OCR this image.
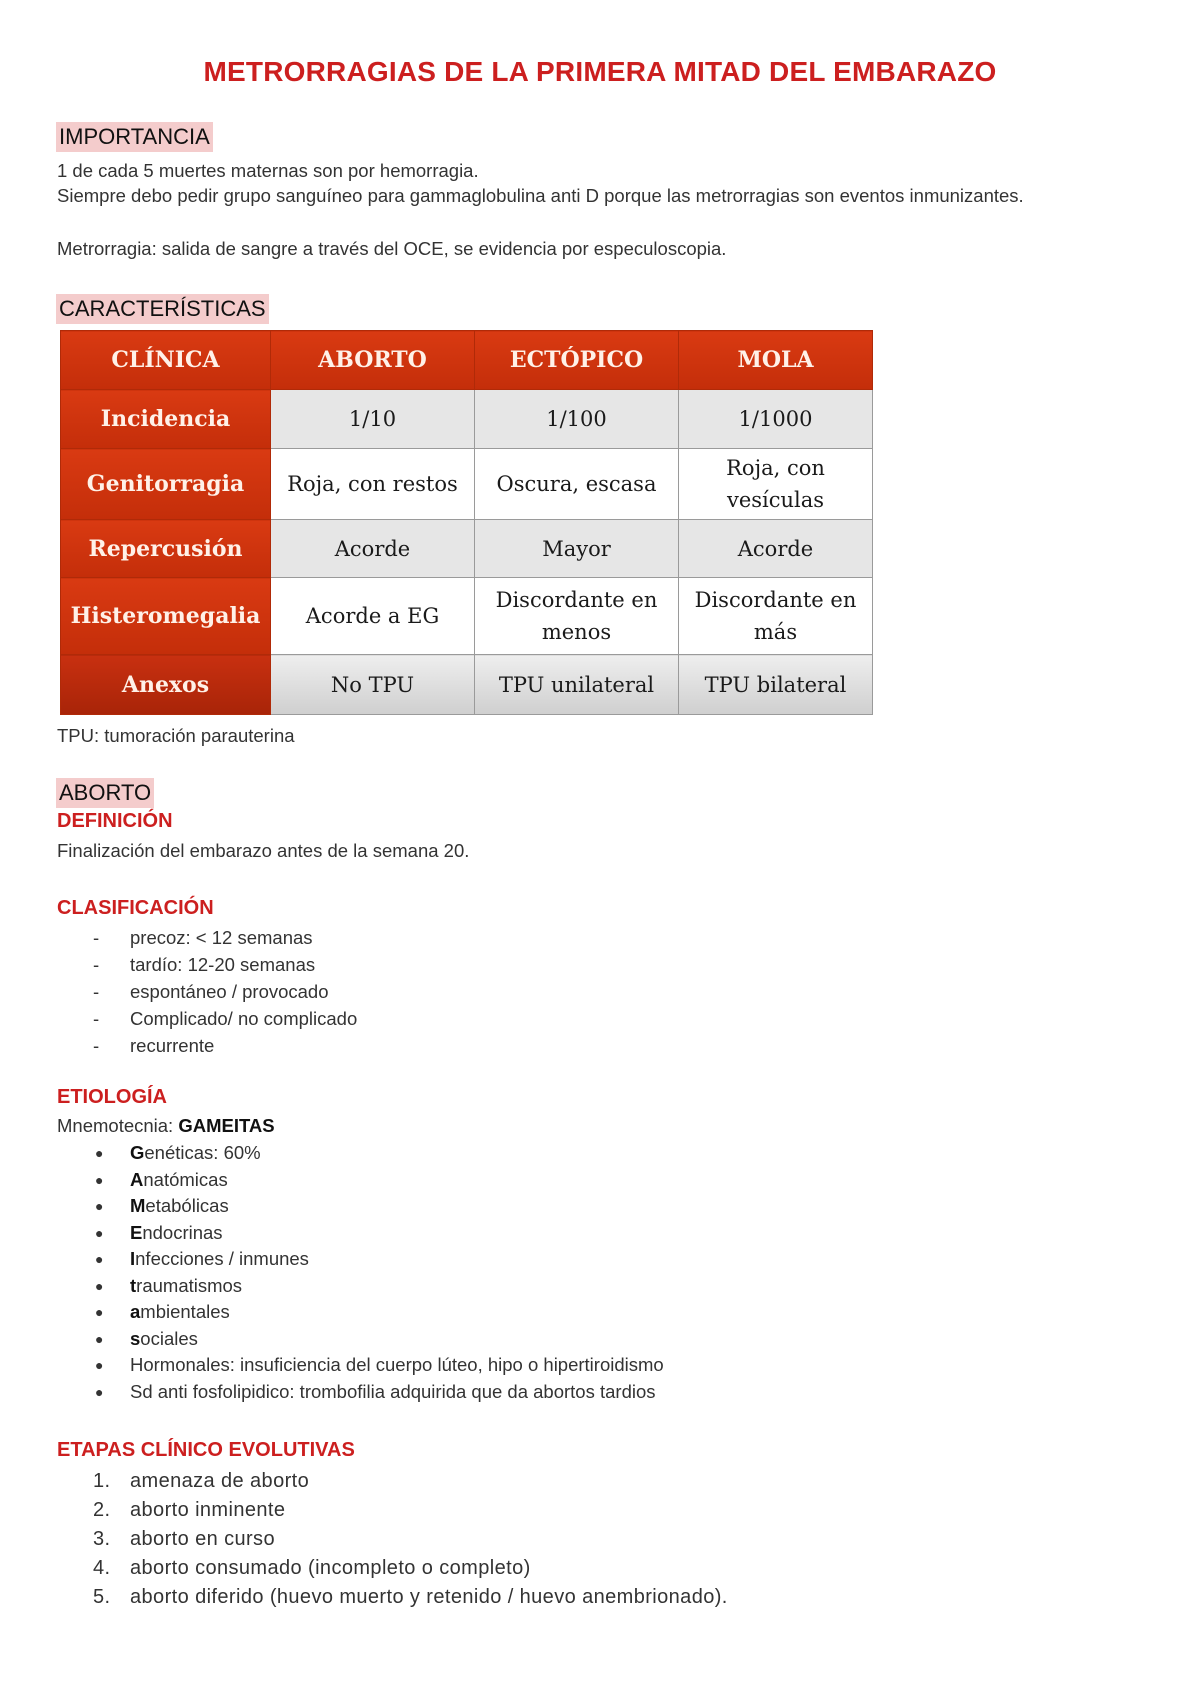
METRORRAGIAS DE LA PRIMERA MITAD DEL EMBARAZO
IMPORTANCIA
1 de cada 5 muertes maternas son por hemorragia.
Siempre debo pedir grupo sanguíneo para gammaglobulina anti D porque las metrorragias son eventos inmunizantes.
Metrorragia: salida de sangre a través del OCE, se evidencia por especuloscopia.
CARACTERÍSTICAS
CLÍNICA	ABORTO	ECTÓPICO	MOLA
Incidencia	1/10	1/100	1/1000
Genitorragia	Roja, con restos	Oscura, escasa	Roja, con vesículas
Repercusión	Acorde	Mayor	Acorde
Histeromegalia	Acorde a EG	Discordante en menos	Discordante en más
Anexos	No TPU	TPU unilateral	TPU bilateral
TPU: tumoración parauterina
ABORTO
DEFINICIÓN
Finalización del embarazo antes de la semana 20.
CLASIFICACIÓN
- precoz: < 12 semanas
- tardío: 12-20 semanas
- espontáneo / provocado
- Complicado/ no complicado
- recurrente
ETIOLOGÍA
Mnemotecnia: GAMEITAS
● Genéticas: 60%
● Anatómicas
● Metabólicas
● Endocrinas
● Infecciones / inmunes
● traumatismos
● ambientales
● sociales
● Hormonales: insuficiencia del cuerpo lúteo, hipo o hipertiroidismo
● Sd anti fosfolipidico: trombofilia adquirida que da abortos tardios
ETAPAS CLÍNICO EVOLUTIVAS
1. amenaza de aborto
2. aborto inminente
3. aborto en curso
4. aborto consumado (incompleto o completo)
5. aborto diferido (huevo muerto y retenido / huevo anembrionado).
